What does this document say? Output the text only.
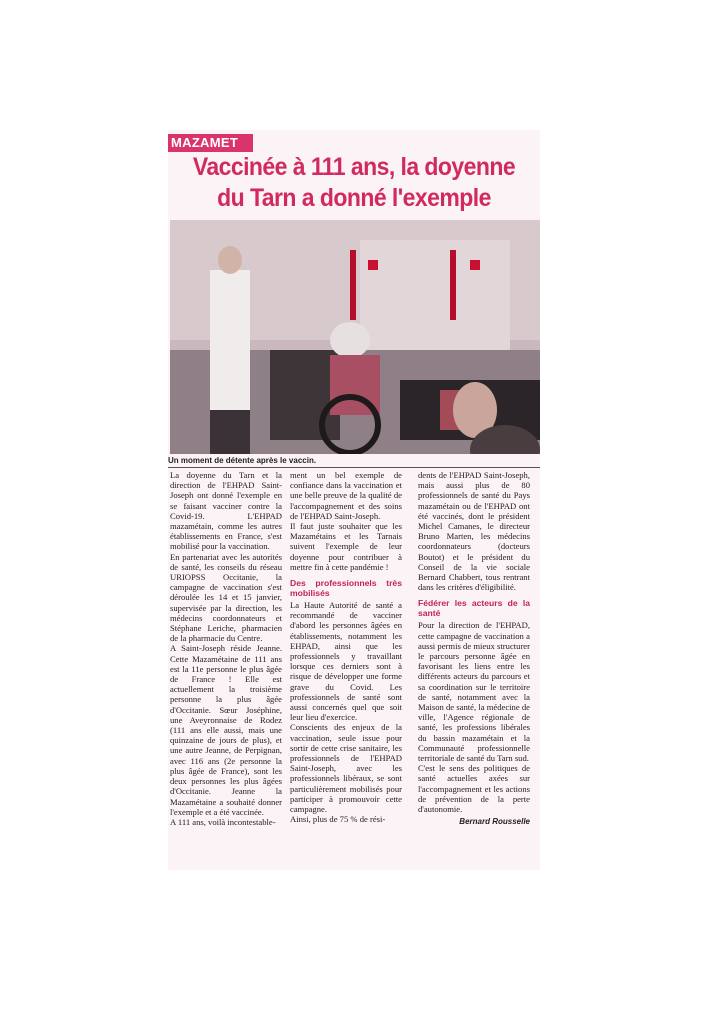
MAZAMET
Vaccinée à 111 ans, la doyenne
du Tarn a donné l'exemple
Un moment de détente après le vaccin.

La doyenne du Tarn et la direction de l'EHPAD Saint-Joseph ont donné l'exemple en se faisant vacciner contre la Covid-19. L'EHPAD mazamétain, comme les autres établissements en France, s'est mobilisé pour la vaccination.

En partenariat avec les autorités de santé, les conseils du réseau URIOPSS Occitanie, la campagne de vaccination s'est déroulée les 14 et 15 janvier, supervisée par la direction, les médecins coordonnateurs et Stéphane Leriche, pharmacien de la pharmacie du Centre.

A Saint-Joseph réside Jeanne. Cette Mazamétaine de 111 ans est la 11e personne le plus âgée de France ! Elle est actuellement la troisième personne la plus âgée d'Occitanie. Sœur Joséphine, une Aveyronnaise de Rodez (111 ans elle aussi, mais une quinzaine de jours de plus), et une autre Jeanne, de Perpignan, avec 116 ans (2e personne la plus âgée de France), sont les deux personnes les plus âgées d'Occitanie. Jeanne la Mazamétaine a souhaité donner l'exemple et a été vaccinée.

A 111 ans, voilà incontestable-

ment un bel exemple de confiance dans la vaccination et une belle preuve de la qualité de l'accompagnement et des soins de l'EHPAD Saint-Joseph.

Il faut juste souhaiter que les Mazamétains et les Tarnais suivent l'exemple de leur doyenne pour contribuer à mettre fin à cette pandémie !

Des professionnels très mobilisés

La Haute Autorité de santé a recommandé de vacciner d'abord les personnes âgées en établissements, notamment les EHPAD, ainsi que les professionnels y travaillant lorsque ces derniers sont à risque de développer une forme grave du Covid. Les professionnels de santé sont aussi concernés quel que soit leur lieu d'exercice.

Conscients des enjeux de la vaccination, seule issue pour sortir de cette crise sanitaire, les professionnels de l'EHPAD Saint-Joseph, avec les professionnels libéraux, se sont particulièrement mobilisés pour participer à promouvoir cette campagne.

Ainsi, plus de 75 % de rési-

dents de l'EHPAD Saint-Joseph, mais aussi plus de 80 professionnels de santé du Pays mazamétain ou de l'EHPAD ont été vaccinés, dont le président Michel Camanes, le directeur Bruno Marten, les médecins coordonnateurs (docteurs Boutot) et le président du Conseil de la vie sociale Bernard Chabbert, tous rentrant dans les critères d'éligibilité.

Fédérer les acteurs de la santé

Pour la direction de l'EHPAD, cette campagne de vaccination a aussi permis de mieux structurer le parcours personne âgée en favorisant les liens entre les différents acteurs du parcours et sa coordination sur le territoire de santé, notamment avec la Maison de santé, la médecine de ville, l'Agence régionale de santé, les professions libérales du bassin mazamétain et la Communauté professionnelle territoriale de santé du Tarn sud.

C'est le sens des politiques de santé actuelles axées sur l'accompagnement et les actions de prévention de la perte d'autonomie.

Bernard Rousselle
